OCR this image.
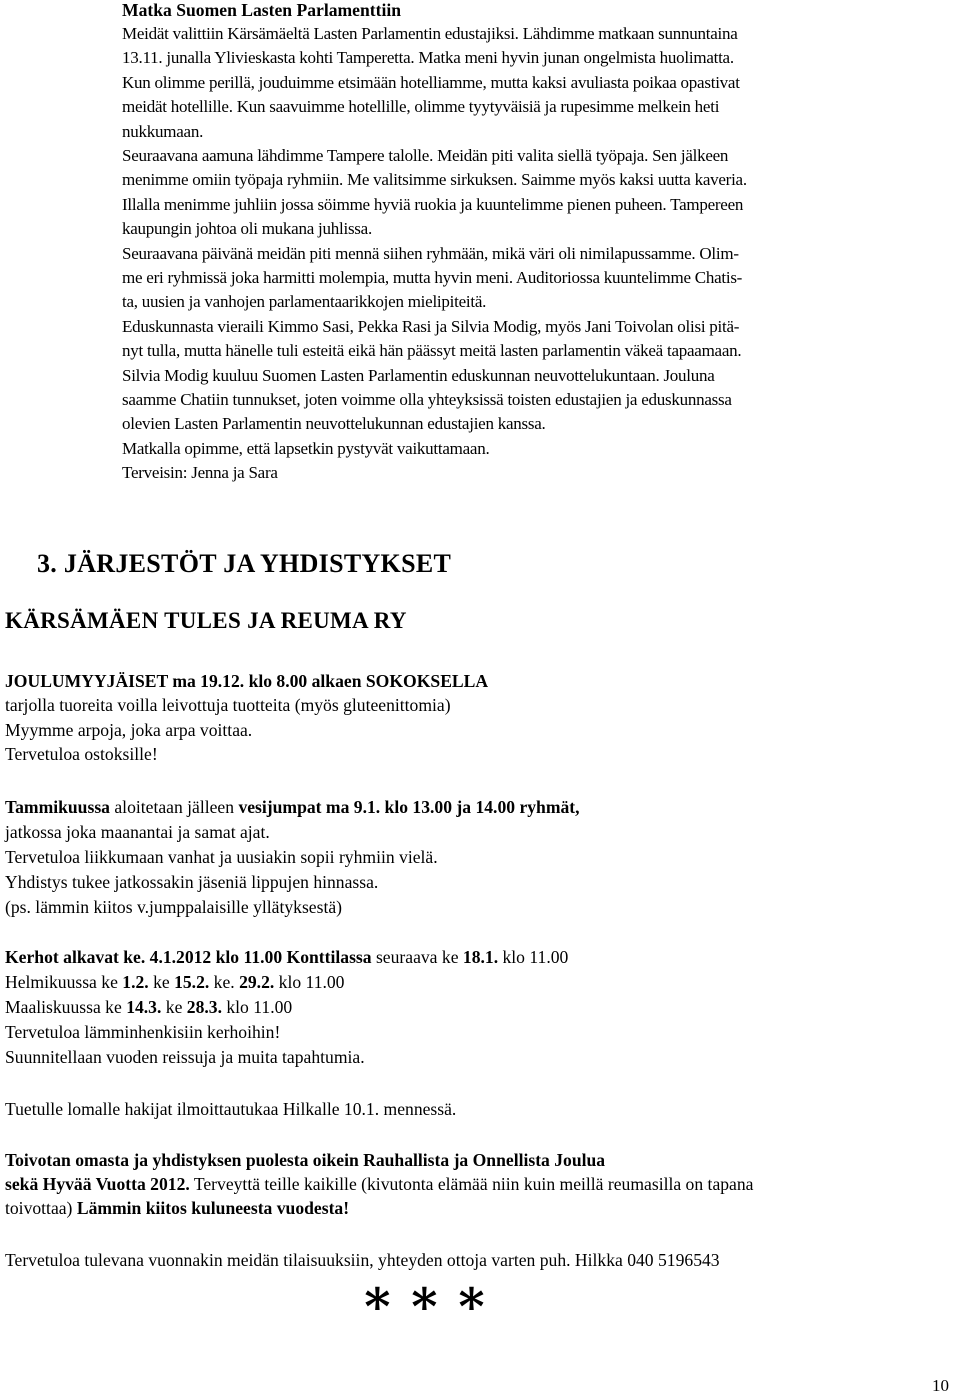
Matka Suomen Lasten Parlamenttiin
Meidät valittiin Kärsämäeltä Lasten Parlamentin edustajiksi. Lähdimme matkaan sunnuntaina
13.11. junalla Ylivieskasta kohti Tamperetta. Matka meni hyvin junan ongelmista huolimatta.
Kun olimme perillä, jouduimme etsimään hotelliamme, mutta kaksi avuliasta poikaa opastivat
meidät hotellille. Kun saavuimme hotellille, olimme tyytyväisiä ja rupesimme melkein heti
nukkumaan.
Seuraavana aamuna lähdimme Tampere talolle. Meidän piti valita siellä työpaja. Sen jälkeen
menimme omiin työpaja ryhmiin. Me valitsimme sirkuksen. Saimme myös kaksi uutta kaveria.
Illalla menimme juhliin jossa söimme hyviä ruokia ja kuuntelimme pienen puheen. Tampereen
kaupungin johtoa oli mukana juhlissa.
Seuraavana päivänä meidän piti mennä siihen ryhmään, mikä väri oli nimilapussamme. Olim-
me eri ryhmissä joka harmitti molempia, mutta hyvin meni. Auditoriossa kuuntelimme Chatis-
ta, uusien ja vanhojen parlamentaarikkojen mielipiteitä.
Eduskunnasta vieraili Kimmo Sasi, Pekka Rasi ja Silvia Modig, myös Jani Toivolan olisi pitä-
nyt tulla, mutta hänelle tuli esteitä eikä hän päässyt meitä lasten parlamentin väkeä tapaamaan.
Silvia Modig kuuluu Suomen Lasten Parlamentin eduskunnan neuvottelukuntaan. Jouluna
saamme Chatiin tunnukset, joten voimme olla yhteyksissä toisten edustajien ja eduskunnassa
olevien Lasten Parlamentin neuvottelukunnan edustajien kanssa.
Matkalla opimme, että lapsetkin pystyvät vaikuttamaan.
Terveisin: Jenna ja Sara
3. JÄRJESTÖT JA YHDISTYKSET
KÄRSÄMÄEN TULES JA REUMA RY
JOULUMYYJÄISET ma 19.12. klo 8.00 alkaen SOKOKSELLA
tarjolla tuoreita voilla leivottuja tuotteita (myös gluteenittomia)
Myymme arpoja, joka arpa voittaa.
Tervetuloa ostoksille!
Tammikuussa aloitetaan jälleen vesijumpat ma 9.1. klo 13.00 ja 14.00 ryhmät,
jatkossa joka maanantai ja samat ajat.
Tervetuloa liikkumaan vanhat ja uusiakin sopii ryhmiin vielä.
Yhdistys tukee jatkossakin jäseniä lippujen hinnassa.
(ps. lämmin kiitos v.jumppalaisille yllätyksestä)
Kerhot alkavat ke. 4.1.2012 klo 11.00 Konttilassa seuraava ke 18.1. klo 11.00
Helmikuussa ke 1.2. ke 15.2. ke. 29.2. klo 11.00
Maaliskuussa ke 14.3. ke 28.3. klo 11.00
Tervetuloa lämminhenkisiin kerhoihin!
Suunnitellaan vuoden reissuja ja muita tapahtumia.
Tuetulle lomalle hakijat ilmoittautukaa Hilkalle 10.1. mennessä.
Toivotan omasta ja yhdistyksen puolesta oikein Rauhallista ja Onnellista Joulua
sekä Hyvää Vuotta 2012. Terveyttä teille kaikille (kivutonta elämää niin kuin meillä reumasilla on tapana
toivottaa) Lämmin kiitos kuluneesta vuodesta!
Tervetuloa tulevana vuonnakin meidän tilaisuuksiin, yhteyden ottoja varten puh. Hilkka 040 5196543
∗ ∗ ∗
10
